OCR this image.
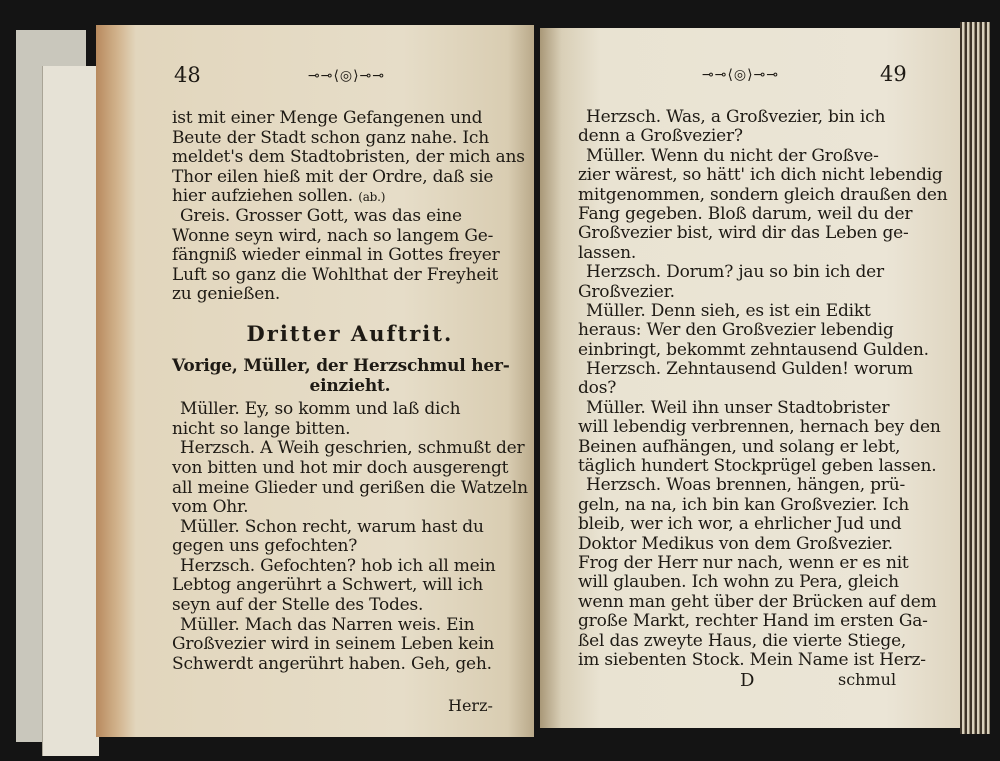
48	⊸⊸⟨◎⟩⊸⊸
ist mit einer Menge Gefangenen und
Beute der Stadt schon ganz nahe. Ich
meldet's dem Stadtobristen, der mich ans
Thor eilen hieß mit der Ordre, daß sie
hier aufziehen sollen. (ab.)
Greis. Grosser Gott, was das eine
Wonne seyn wird, nach so langem Ge-
fängniß wieder einmal in Gottes freyer
Luft so ganz die Wohlthat der Freyheit
zu genießen.
Dritter Auftrit.
Vorige, Müller, der Herzschmul her-
einzieht.
Müller. Ey, so komm und laß dich
nicht so lange bitten.
Herzsch. A Weih geschrien, schmußt der
von bitten und hot mir doch ausgerengt
all meine Glieder und gerißen die Watzeln
vom Ohr.
Müller. Schon recht, warum hast du
gegen uns gefochten?
Herzsch. Gefochten? hob ich all mein
Lebtog angerührt a Schwert, will ich
seyn auf der Stelle des Todes.
Müller. Mach das Narren weis. Ein
Großvezier wird in seinem Leben kein
Schwerdt angerührt haben. Geh, geh.
Herz-
⊸⊸⟨◎⟩⊸⊸	49
Herzsch. Was, a Großvezier, bin ich
denn a Großvezier?
Müller. Wenn du nicht der Großve-
zier wärest, so hätt' ich dich nicht lebendig
mitgenommen, sondern gleich draußen den
Fang gegeben. Bloß darum, weil du der
Großvezier bist, wird dir das Leben ge-
lassen.
Herzsch. Dorum? jau so bin ich der
Großvezier.
Müller. Denn sieh, es ist ein Edikt
heraus: Wer den Großvezier lebendig
einbringt, bekommt zehntausend Gulden.
Herzsch. Zehntausend Gulden! worum
dos?
Müller. Weil ihn unser Stadtobrister
will lebendig verbrennen, hernach bey den
Beinen aufhängen, und solang er lebt,
täglich hundert Stockprügel geben lassen.
Herzsch. Woas brennen, hängen, prü-
geln, na na, ich bin kan Großvezier. Ich
bleib, wer ich wor, a ehrlicher Jud und
Doktor Medikus von dem Großvezier.
Frog der Herr nur nach, wenn er es nit
will glauben. Ich wohn zu Pera, gleich
wenn man geht über der Brücken auf dem
große Markt, rechter Hand im ersten Ga-
ßel das zweyte Haus, die vierte Stiege,
im siebenten Stock. Mein Name ist Herz-
D	schmul
